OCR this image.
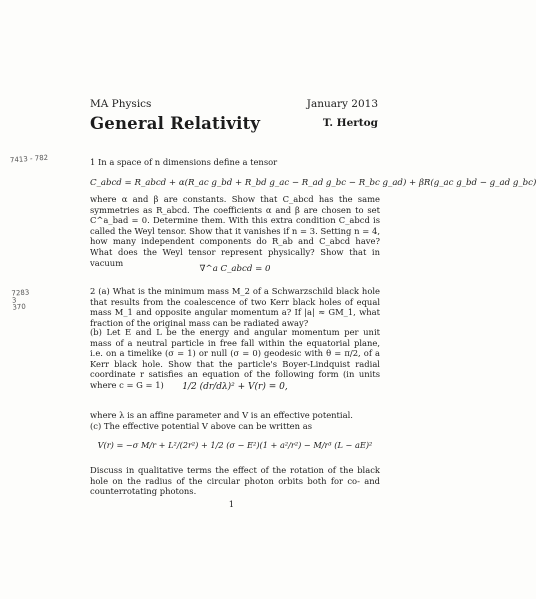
MA Physics	January 2013
General Relativity	T. Hertog
7413 - 782
7283
3
370
1 In a space of n dimensions define a tensor
C_abcd = R_abcd + α(R_ac g_bd + R_bd g_ac − R_ad g_bc − R_bc g_ad) + βR(g_ac g_bd − g_ad g_bc)
where α and β are constants. Show that C_abcd has the same symmetries as R_abcd. The coefficients α and β are chosen to set C^a_bad = 0. Determine them. With this extra condition C_abcd is called the Weyl tensor. Show that it vanishes if n = 3. Setting n = 4, how many independent components do R_ab and C_abcd have? What does the Weyl tensor represent physically? Show that in vacuum
∇^a C_abcd = 0
2 (a) What is the minimum mass M_2 of a Schwarzschild black hole that results from the coalescence of two Kerr black holes of equal mass M_1 and opposite angular momentum a? If |a| ≈ GM_1, what fraction of the original mass can be radiated away?
(b) Let E and L be the energy and angular momentum per unit mass of a neutral particle in free fall within the equatorial plane, i.e. on a timelike (σ = 1) or null (σ = 0) geodesic with θ = π/2, of a Kerr black hole. Show that the particle's Boyer-Lindquist radial coordinate r satisfies an equation of the following form (in units where c = G = 1)	1/2 (dr/dλ)² + V(r) = 0,
where λ is an affine parameter and V is an effective potential.
(c) The effective potential V above can be written as
V(r) = −σ M/r + L²/(2r²) + 1/2 (σ − E²)(1 + a²/r²) − M/r³ (L − aE)²
Discuss in qualitative terms the effect of the rotation of the black hole on the radius of the circular photon orbits both for co- and counterrotating photons.
1
